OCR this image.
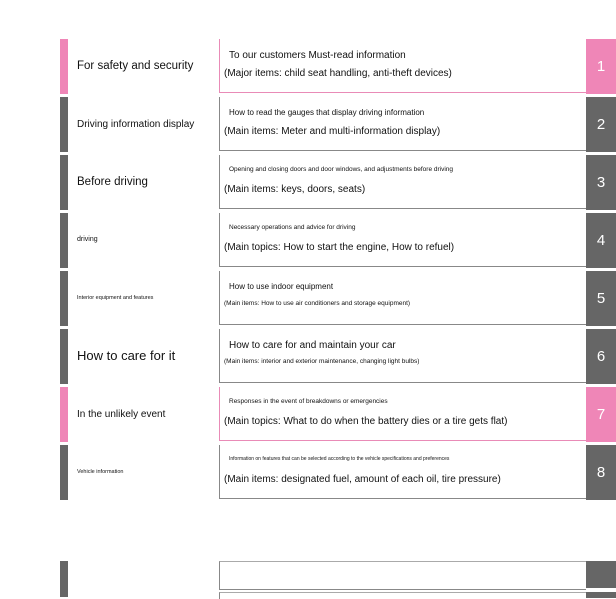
For safety and security
To our customers Must-read information
(Major items: child seat handling, anti-theft devices)	1
Driving information display
How to read the gauges that display driving information
(Main items: Meter and multi-information display)	2
Before driving
Opening and closing doors and door windows, and adjustments before driving
(Main items: keys, doors, seats)	3
driving
Necessary operations and advice for driving
(Main topics: How to start the engine, How to refuel)	4
Interior equipment and features
How to use indoor equipment
(Main items: How to use air conditioners and storage equipment)	5
How to care for it
How to care for and maintain your car
(Main items: interior and exterior maintenance, changing light bulbs)	6
In the unlikely event
Responses in the event of breakdowns or emergencies
(Main topics: What to do when the battery dies or a tire gets flat)	7
Vehicle information
Information on features that can be selected according to the vehicle specifications and preferences
(Main items: designated fuel, amount of each oil, tire pressure)	8
